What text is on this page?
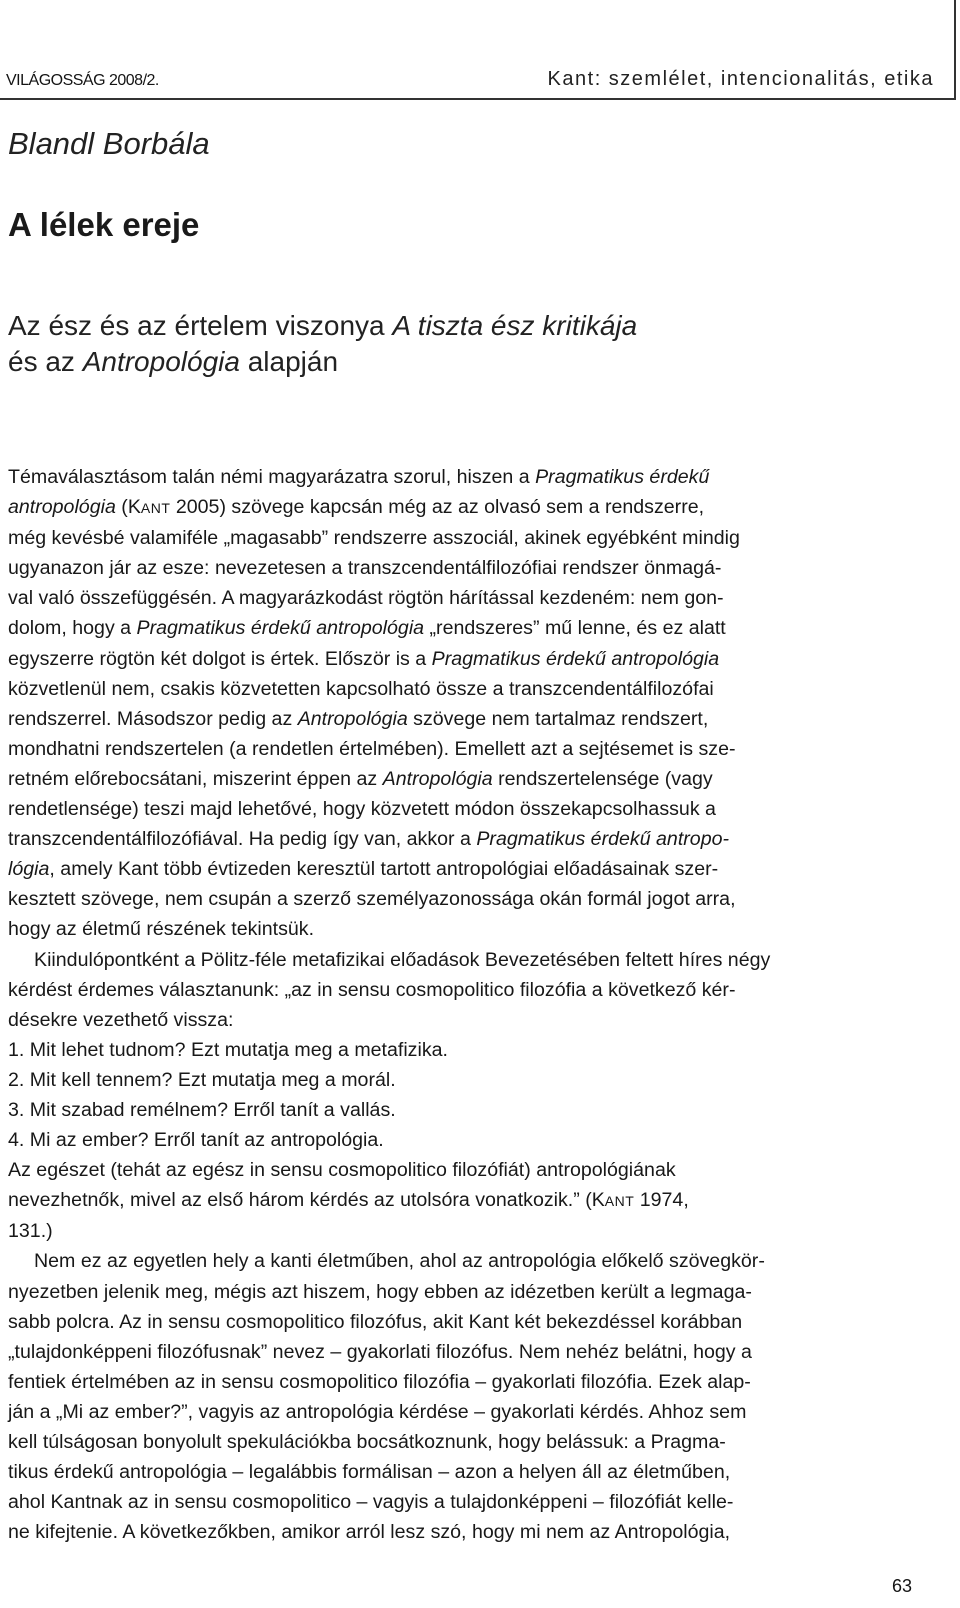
VILÁGOSSÁG 2008/2.	Kant: szemlélet, intencionalitás, etika
Blandl Borbála
A lélek ereje
Az ész és az értelem viszonya A tiszta ész kritikája
és az Antropológia alapján

Témaválasztásom talán némi magyarázatra szorul, hiszen a Pragmatikus érdekű
antropológia (KANT 2005) szövege kapcsán még az az olvasó sem a rendszerre,
még kevésbé valamiféle „magasabb” rendszerre asszociál, akinek egyébként mindig
ugyanazon jár az esze: nevezetesen a transzcendentálfilozófiai rendszer önmagá-
val való összefüggésén. A magyarázkodást rögtön hárítással kezdeném: nem gon-
dolom, hogy a Pragmatikus érdekű antropológia „rendszeres” mű lenne, és ez alatt
egyszerre rögtön két dolgot is értek. Először is a Pragmatikus érdekű antropológia
közvetlenül nem, csakis közvetetten kapcsolható össze a transzcendentálfilozófai
rendszerrel. Másodszor pedig az Antropológia szövege nem tartalmaz rendszert,
mondhatni rendszertelen (a rendetlen értelmében). Emellett azt a sejtésemet is sze-
retném előrebocsátani, miszerint éppen az Antropológia rendszertelensége (vagy
rendetlensége) teszi majd lehetővé, hogy közvetett módon összekapcsolhassuk a
transzcendentálfilozófiával. Ha pedig így van, akkor a Pragmatikus érdekű antropo-
lógia, amely Kant több évtizeden keresztül tartott antropológiai előadásainak szer-
kesztett szövege, nem csupán a szerző személyazonossága okán formál jogot arra,
hogy az életmű részének tekintsük.

Kiindulópontként a Pölitz-féle metafizikai előadások Bevezetésében feltett híres négy
kérdést érdemes választanunk: „az in sensu cosmopolitico filozófia a következő kér-
désekre vezethető vissza:

1. Mit lehet tudnom? Ezt mutatja meg a metafizika.
2. Mit kell tennem? Ezt mutatja meg a morál.
3. Mit szabad remélnem? Erről tanít a vallás.
4. Mi az ember? Erről tanít az antropológia.

Az egészet (tehát az egész in sensu cosmopolitico filozófiát) antropológiának
nevezhetnők, mivel az első három kérdés az utolsóra vonatkozik.” (KANT 1974,
131.)

Nem ez az egyetlen hely a kanti életműben, ahol az antropológia előkelő szövegkör-
nyezetben jelenik meg, mégis azt hiszem, hogy ebben az idézetben került a legmaga-
sabb polcra. Az in sensu cosmopolitico filozófus, akit Kant két bekezdéssel korábban
„tulajdonképpeni filozófusnak” nevez – gyakorlati filozófus. Nem nehéz belátni, hogy a
fentiek értelmében az in sensu cosmopolitico filozófia – gyakorlati filozófia. Ezek alap-
ján a „Mi az ember?”, vagyis az antropológia kérdése – gyakorlati kérdés. Ahhoz sem
kell túlságosan bonyolult spekulációkba bocsátkoznunk, hogy belássuk: a Pragma-
tikus érdekű antropológia – legalábbis formálisan – azon a helyen áll az életműben,
ahol Kantnak az in sensu cosmopolitico – vagyis a tulajdonképpeni – filozófiát kelle-
ne kifejtenie. A következőkben, amikor arról lesz szó, hogy mi nem az Antropológia,

63
